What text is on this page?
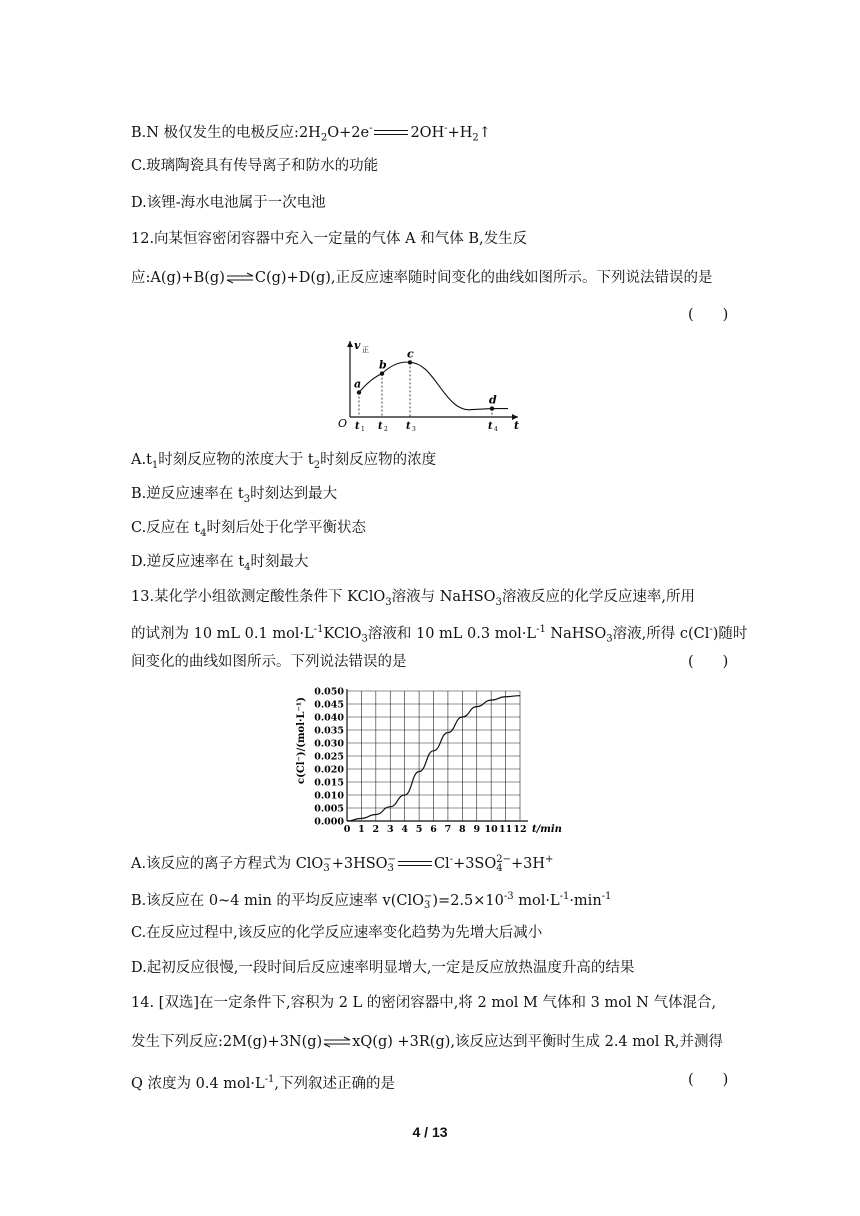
B.N 极仅发生的电极反应$:2H_2O+2e^-$	$2OH^-+H_2↑$
C.玻璃陶瓷具有传导离子和防水的功能
D.该锂-海水电池属于一次电池
12.向某恒容密闭容器中充入一定量的气体 A 和气体 B,发生反
应:A(g)+B(g)⇌C(g)+D(g),正反应速率随时间变化的曲线如图所示。下列说法错误的是
(　　)
v 正
O	t
a
t 1
b
t 2
c
t 3
d
t 4
$A.t_1$时刻反应物的浓度大于 $t_2$时刻反应物的浓度
B.逆反应速率在 $t_3$时刻达到最大
C.反应在 $t_4$时刻后处于化学平衡状态
D.逆反应速率在 $t_4$时刻最大
13.某化学小组欲测定酸性条件下 KClO$_3$溶液与 NaHSO$_3$溶液反应的化学反应速率,所用
的试剂为 10 mL 0.1 $mol\cdot L^{-1}KClO_3$溶液和 10 mL 0.3 $mol\cdot L^{-1}$ NaHSO$_3$溶液,所得 c(Cl-)随时
间变化的曲线如图所示。下列说法错误的是	(　　)
0.000
0.005
0.010
0.015
0.020
0.025
0.030
0.035
0.040
0.045
0.050
0 1 2 3 4 5 6 7 8 9 10 11 12 t/min
c(Cl⁻)/(mol·L⁻¹)
A.该反应的离子方程式为 ClO−
3 +3HSO−
3	Cl-+3SO2−
4 +3H+
B.该反应在 0~4 min 的平均反应速率 v(ClO−
3 )$=2.5\times 10^{-3}$ $mol\cdot L^{-1}\cdot\min^{-1}$
C.在反应过程中,该反应的化学反应速率变化趋势为先增大后减小
D.起初反应很慢,一段时间后反应速率明显增大,一定是反应放热温度升高的结果
14. [双选]在一定条件下,容积为 2 L 的密闭容器中,将 2 mol M 气体和 3 mol N 气体混合,
发生下列反应:2M(g)+3N(g)⇌xQ(g) +3R(g),该反应达到平衡时生成 2.4 mol R,并测得
Q 浓度为 0.4 $mol\cdot L^{-1}$,下列叙述正确的是	(　　)
4 / 13
